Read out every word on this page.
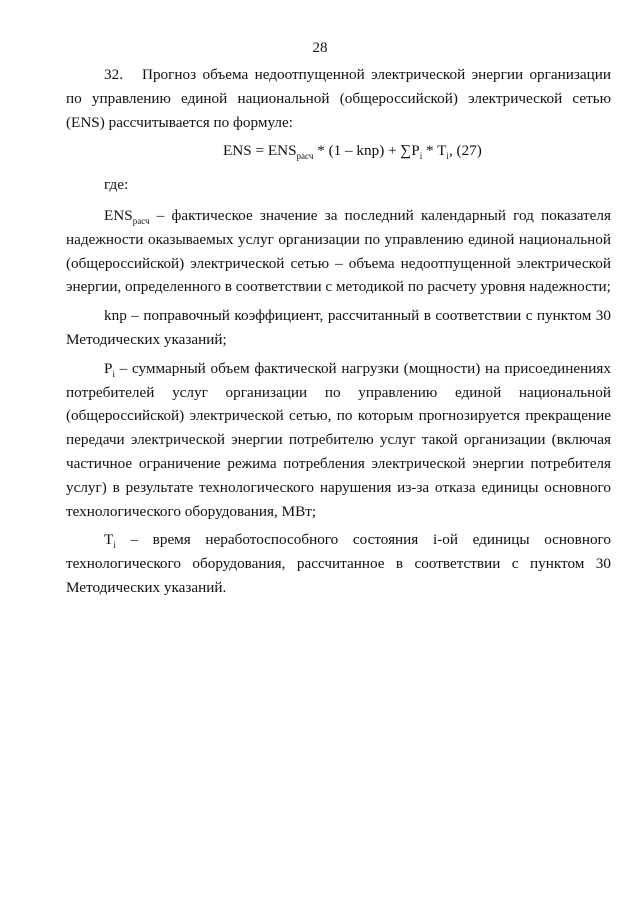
28

32. Прогноз объема недоотпущенной электрической энергии организации по управлению единой национальной (общероссийской) электрической сетью (ENS) рассчитывается по формуле:

ENS = $ENS_{расч} * (1 - knp) + \sum P_i * T_i$, (27)

где:

$ENS_{расч}$ – фактическое значение за последний календарный год показателя надежности оказываемых услуг организации по управлению единой национальной (общероссийской) электрической сетью – объема недоотпущенной электрической энергии, определенного в соответствии с методикой по расчету уровня надежности;

knp – поправочный коэффициент, рассчитанный в соответствии с пунктом 30 Методических указаний;

$P_i$ – суммарный объем фактической нагрузки (мощности) на присоединениях потребителей услуг организации по управлению единой национальной (общероссийской) электрической сетью, по которым прогнозируется прекращение передачи электрической энергии потребителю услуг такой организации (включая частичное ограничение режима потребления электрической энергии потребителя услуг) в результате технологического нарушения из-за отказа единицы основного технологического оборудования, МВт;

$T_i$ – время неработоспособного состояния i-ой единицы основного технологического оборудования, рассчитанное в соответствии с пунктом 30 Методических указаний.
